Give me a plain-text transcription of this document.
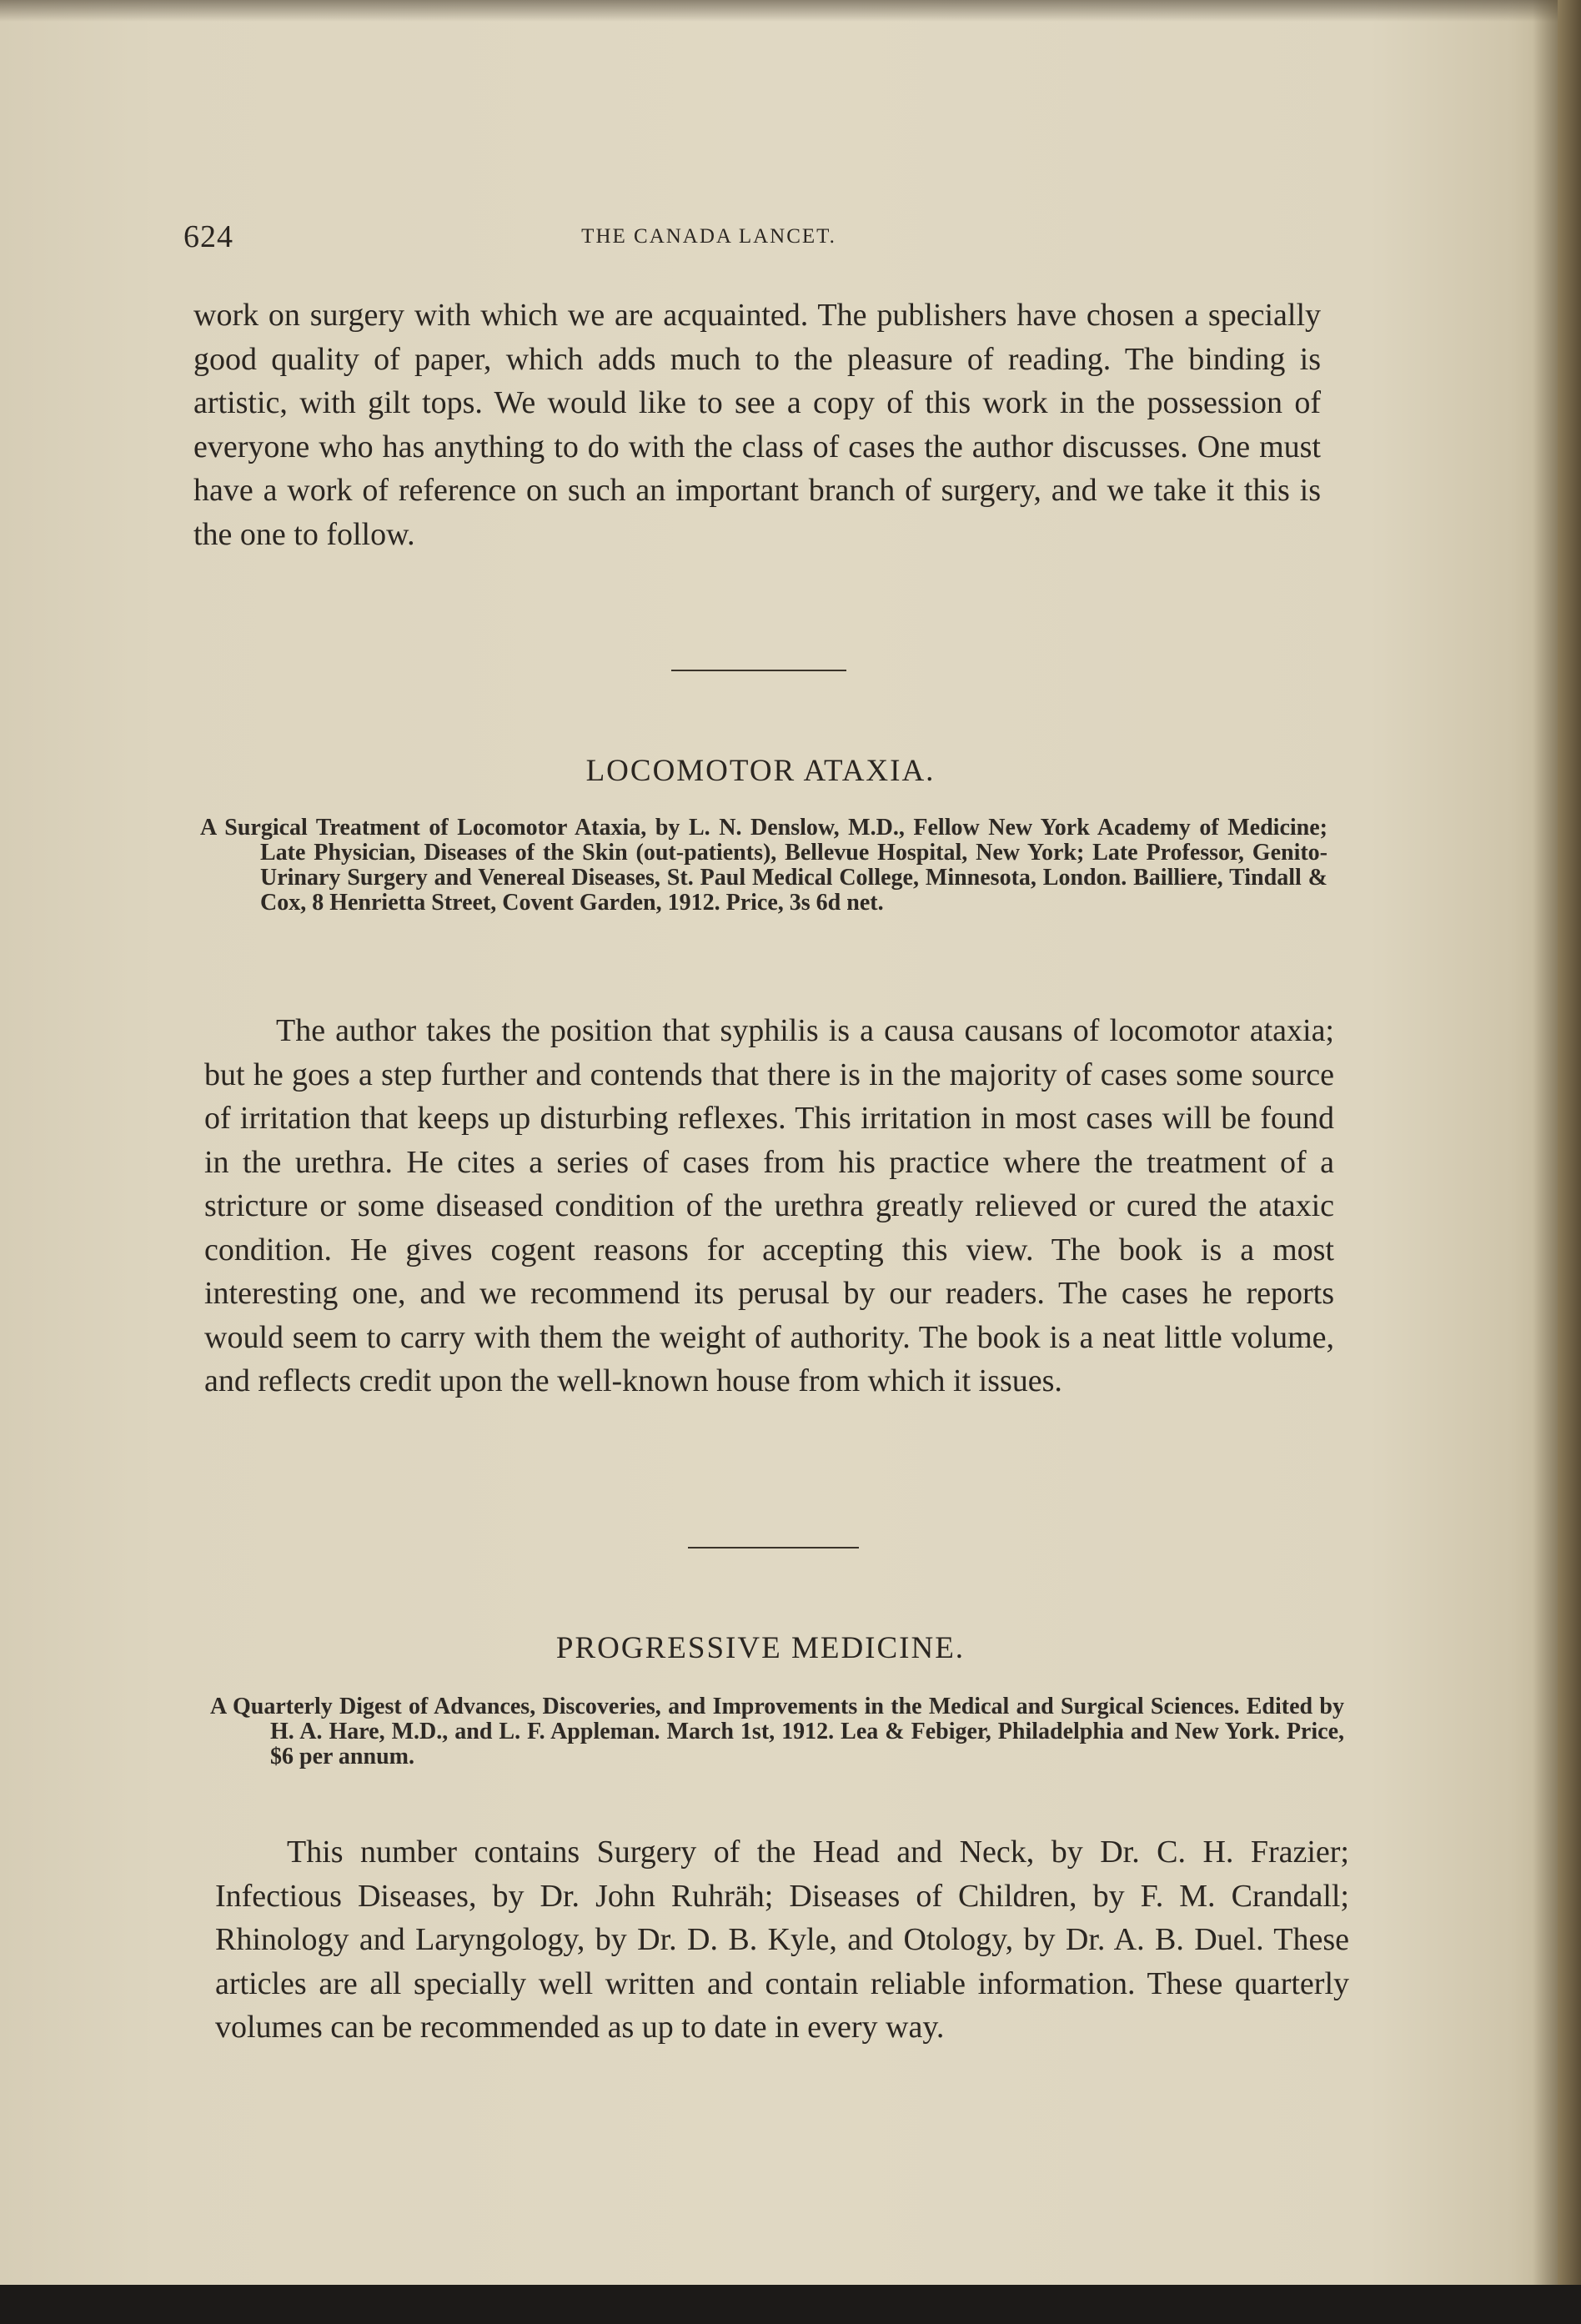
624	THE CANADA LANCET.

work on surgery with which we are acquainted. The publishers have chosen a specially good quality of paper, which adds much to the pleasure of reading. The binding is artistic, with gilt tops. We would like to see a copy of this work in the possession of everyone who has anything to do with the class of cases the author discusses. One must have a work of reference on such an important branch of surgery, and we take it this is the one to follow.

LOCOMOTOR ATAXIA.

A Surgical Treatment of Locomotor Ataxia, by L. N. Denslow, M.D., Fellow New York Academy of Medicine; Late Physician, Diseases of the Skin (out-patients), Bellevue Hospital, New York; Late Professor, Genito-Urinary Surgery and Venereal Diseases, St. Paul Medical College, Minnesota, London. Bailliere, Tindall & Cox, 8 Henrietta Street, Covent Garden, 1912. Price, 3s 6d net.

The author takes the position that syphilis is a causa causans of locomotor ataxia; but he goes a step further and contends that there is in the majority of cases some source of irritation that keeps up disturbing reflexes. This irritation in most cases will be found in the urethra. He cites a series of cases from his practice where the treatment of a stricture or some diseased condition of the urethra greatly relieved or cured the ataxic condition. He gives cogent reasons for accepting this view. The book is a most interesting one, and we recommend its perusal by our readers. The cases he reports would seem to carry with them the weight of authority. The book is a neat little volume, and reflects credit upon the well-known house from which it issues.

PROGRESSIVE MEDICINE.

A Quarterly Digest of Advances, Discoveries, and Improvements in the Medical and Surgical Sciences. Edited by H. A. Hare, M.D., and L. F. Appleman. March 1st, 1912. Lea & Febiger, Philadelphia and New York. Price, $6 per annum.

This number contains Surgery of the Head and Neck, by Dr. C. H. Frazier; Infectious Diseases, by Dr. John Ruhräh; Diseases of Children, by F. M. Crandall; Rhinology and Laryngology, by Dr. D. B. Kyle, and Otology, by Dr. A. B. Duel. These articles are all specially well written and contain reliable information. These quarterly volumes can be recommended as up to date in every way.
